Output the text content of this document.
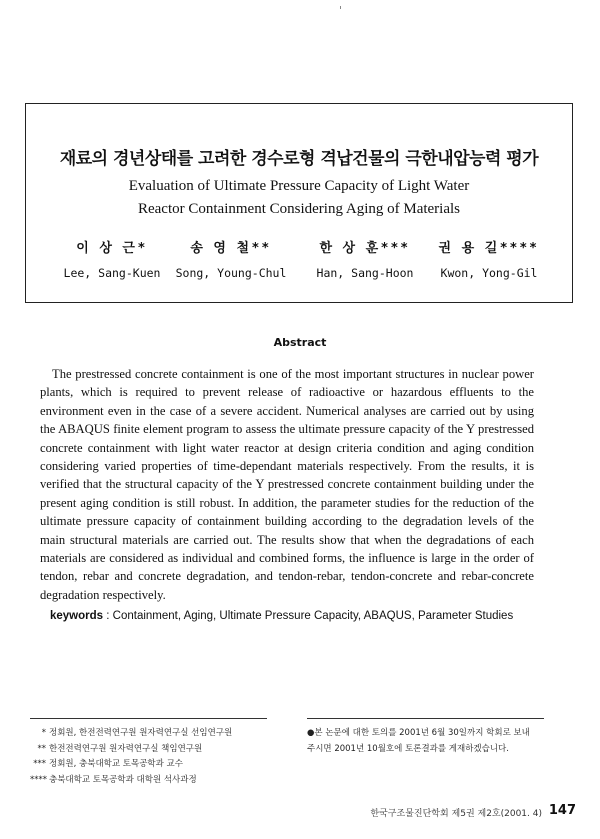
재료의 경년상태를 고려한 경수로형 격납건물의 극한내압능력 평가
Evaluation of Ultimate Pressure Capacity of Light Water
Reactor Containment Considering Aging of Materials
이 상 근*
Lee, Sang-Kuen
송 영 철**
Song, Young-Chul
한 상 훈***
Han, Sang-Hoon
권 용 길****
Kwon, Yong-Gil
Abstract

The prestressed concrete containment is one of the most important structures in nuclear power plants, which is required to prevent release of radioactive or hazardous effluents to the environment even in the case of a severe accident. Numerical analyses are carried out by using the ABAQUS finite element program to assess the ultimate pressure capacity of the Y prestressed concrete containment with light water reactor at design criteria condition and aging condition considering varied properties of time-dependant materials respectively. From the results, it is verified that the structural capacity of the Y prestressed concrete containment building under the present aging condition is still robust. In addition, the parameter studies for the reduction of the ultimate pressure capacity of containment building according to the degradation levels of the main structural materials are carried out. The results show that when the degradations of each materials are considered as individual and combined forms, the influence is large in the order of tendon, rebar and concrete degradation, and tendon-rebar, tendon-concrete and rebar-concrete degradation respectively.

keywords : Containment, Aging, Ultimate Pressure Capacity, ABAQUS, Parameter Studies
* 정회원, 한전전력연구원 원자력연구실 선임연구원
** 한전전력연구원 원자력연구실 책임연구원
*** 정회원, 충북대학교 토목공학과 교수
**** 충북대학교 토목공학과 대학원 석사과정
●본 논문에 대한 토의를 2001년 6월 30일까지 학회로 보내
주시면 2001년 10월호에 토론결과를 게재하겠습니다.
한국구조물진단학회 제5권 제2호(2001. 4) 147
